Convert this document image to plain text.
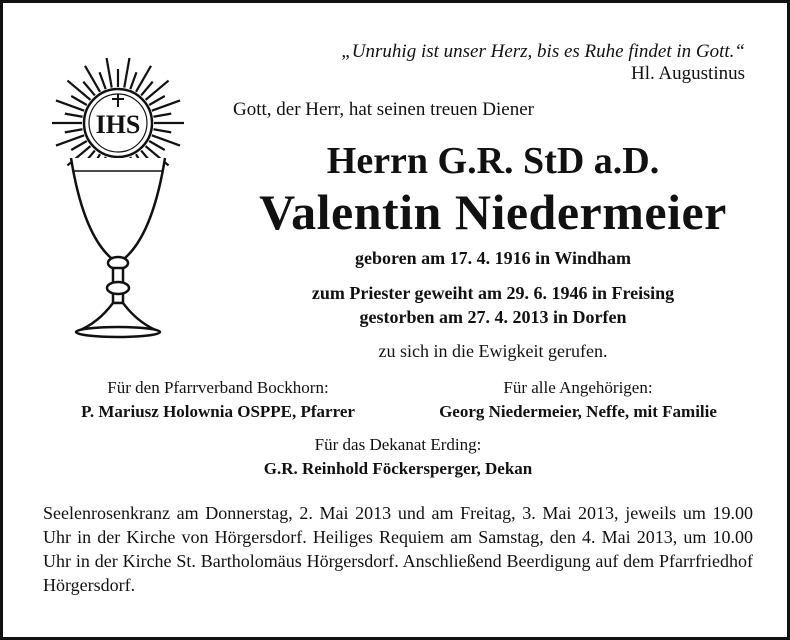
IHS
„Unruhig ist unser Herz, bis es Ruhe findet in Gott.“
Hl. Augustinus
Gott, der Herr, hat seinen treuen Diener
Herrn G.R. StD a.D.
Valentin Niedermeier
geboren am 17. 4. 1916 in Windham
zum Priester geweiht am 29. 6. 1946 in Freising
gestorben am 27. 4. 2013 in Dorfen
zu sich in die Ewigkeit gerufen.
Für den Pfarrverband Bockhorn:
P. Mariusz Holownia OSPPE, Pfarrer
Für alle Angehörigen:
Georg Niedermeier, Neffe, mit Familie
Für das Dekanat Erding:
G.R. Reinhold Föckersperger, Dekan
Seelenrosenkranz am Donnerstag, 2. Mai 2013 und am Freitag, 3. Mai 2013, jeweils um 19.00 Uhr in der Kirche von Hörgersdorf. Heiliges Requiem am Samstag, den 4. Mai 2013, um 10.00 Uhr in der Kirche St. Bartholomäus Hörgersdorf. Anschließend Beerdigung auf dem Pfarrfriedhof Hörgersdorf.
